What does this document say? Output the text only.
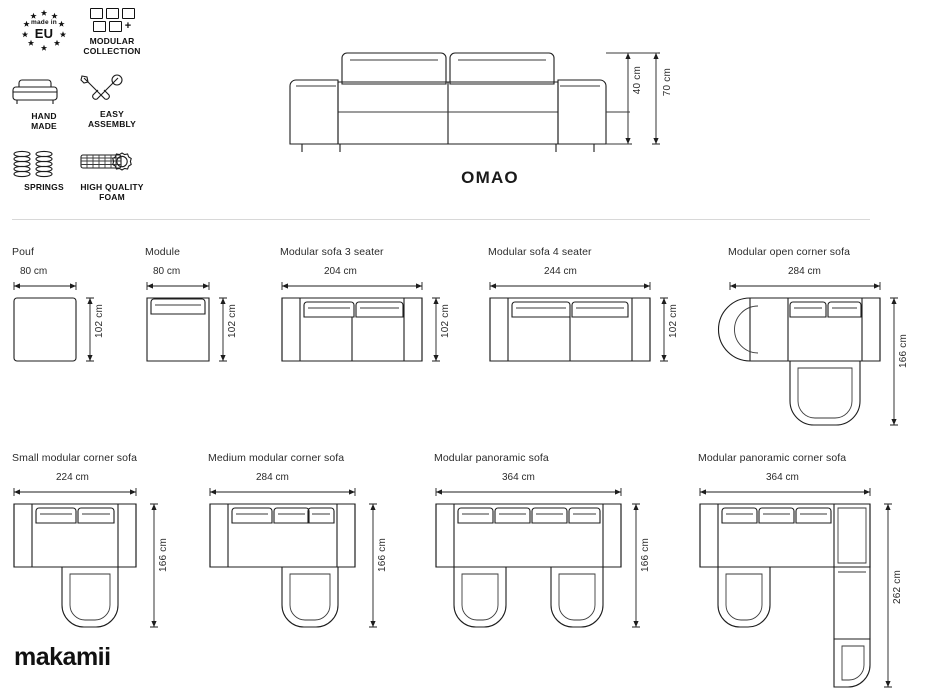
made in
EU	+
MODULAR
COLLECTION
HAND
MADE
EASY
ASSEMBLY
SPRINGS	HIGH QUALITY
FOAM
40 cm 70 cm
OMAO
Pouf
80 cm
102 cm
Module
80 cm
102 cm
Modular sofa 3 seater
204 cm
102 cm
Modular sofa 4 seater
244 cm
102 cm
Modular open corner sofa
284 cm
166 cm
Small modular corner sofa
224 cm
166 cm
Medium modular corner sofa
284 cm
166 cm
Modular panoramic sofa
364 cm
166 cm
Modular panoramic corner sofa
364 cm
262 cm
makamii
